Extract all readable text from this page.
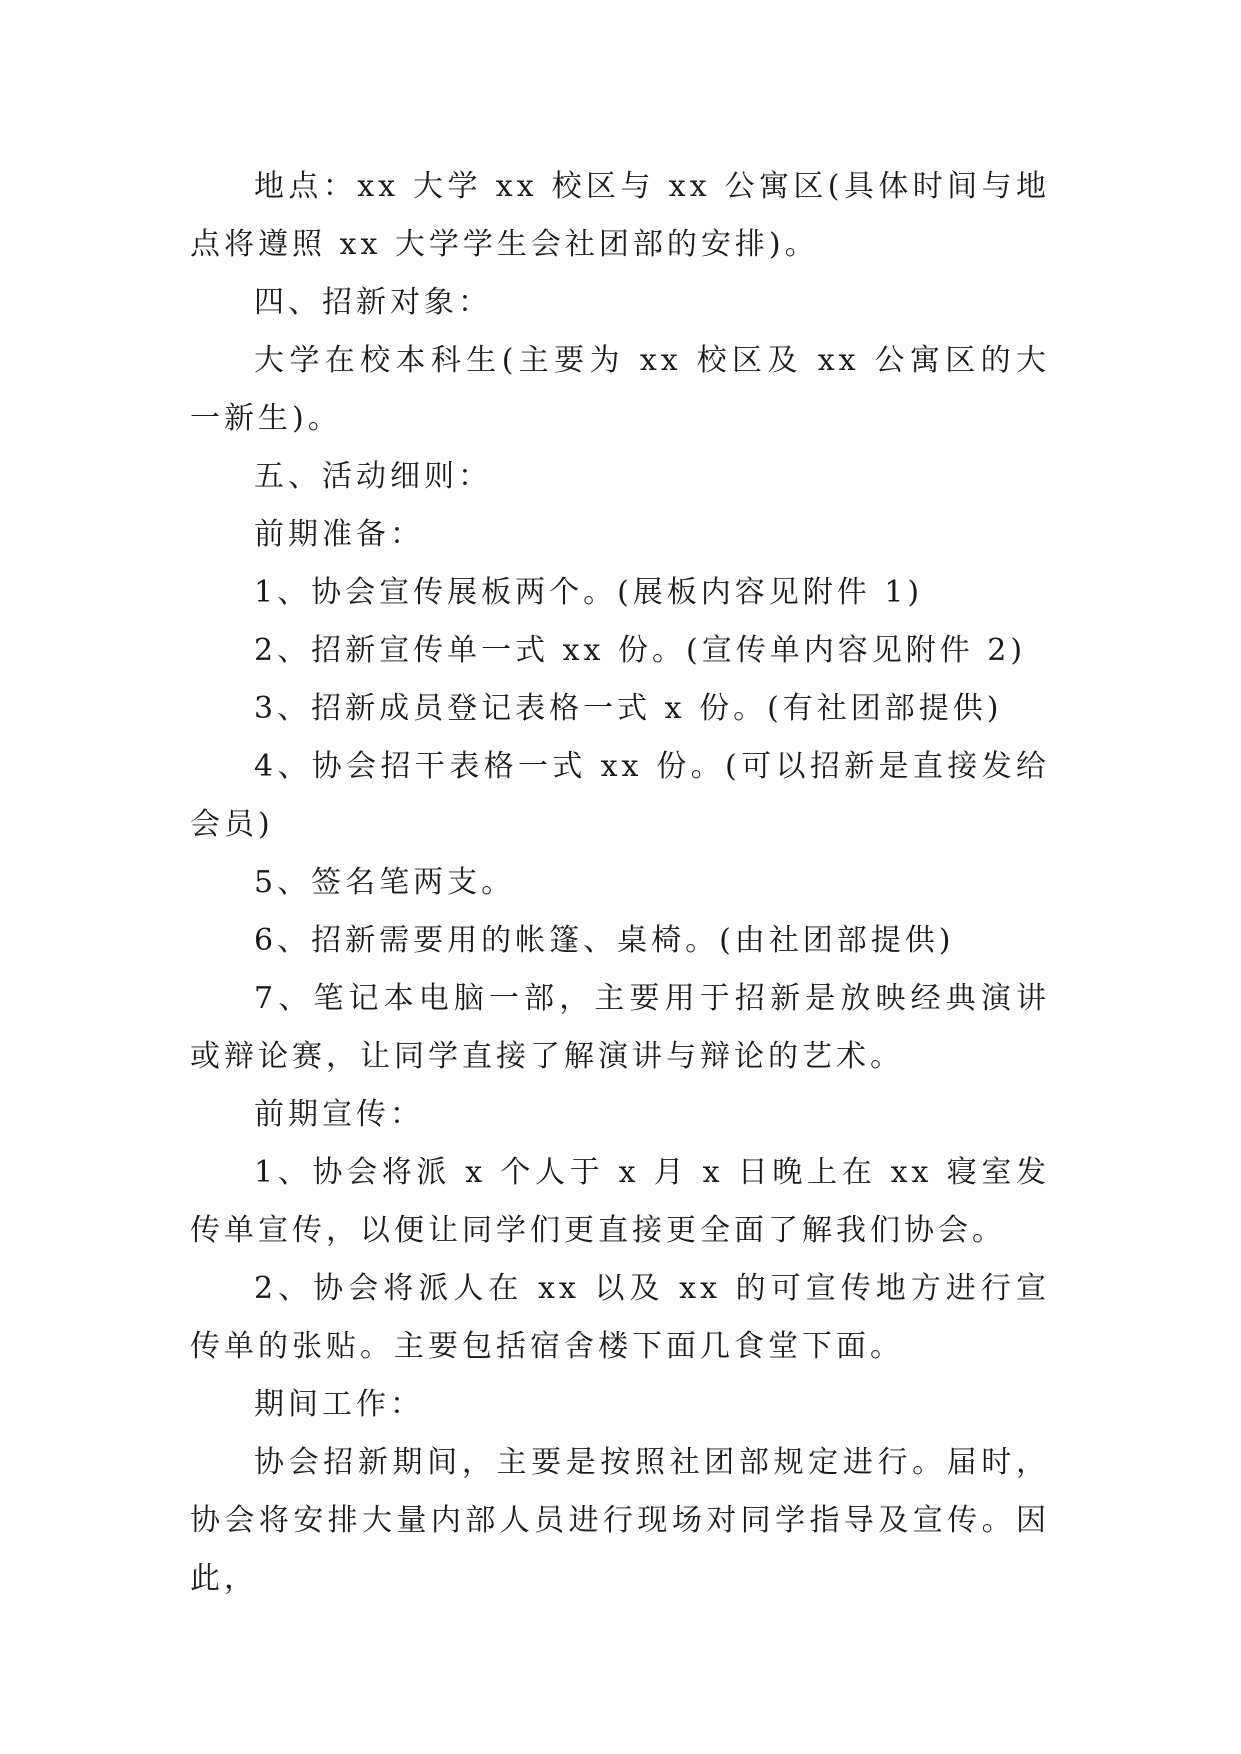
地点：xx 大学 xx 校区与 xx 公寓区(具体时间与地点将遵照 xx 大学学生会社团部的安排)。

四、招新对象：

大学在校本科生(主要为 xx 校区及 xx 公寓区的大一新生)。

五、活动细则：

前期准备：

1、协会宣传展板两个。(展板内容见附件 1)

2、招新宣传单一式 xx 份。(宣传单内容见附件 2)

3、招新成员登记表格一式 x 份。(有社团部提供)

4、协会招干表格一式 xx 份。(可以招新是直接发给会员)

5、签名笔两支。

6、招新需要用的帐篷、桌椅。(由社团部提供)

7、笔记本电脑一部，主要用于招新是放映经典演讲或辩论赛，让同学直接了解演讲与辩论的艺术。

前期宣传：

1、协会将派 x 个人于 x 月 x 日晚上在 xx 寝室发传单宣传，以便让同学们更直接更全面了解我们协会。

2、协会将派人在 xx 以及 xx 的可宣传地方进行宣传单的张贴。主要包括宿舍楼下面几食堂下面。

期间工作：

协会招新期间，主要是按照社团部规定进行。届时，协会将安排大量内部人员进行现场对同学指导及宣传。因此，
